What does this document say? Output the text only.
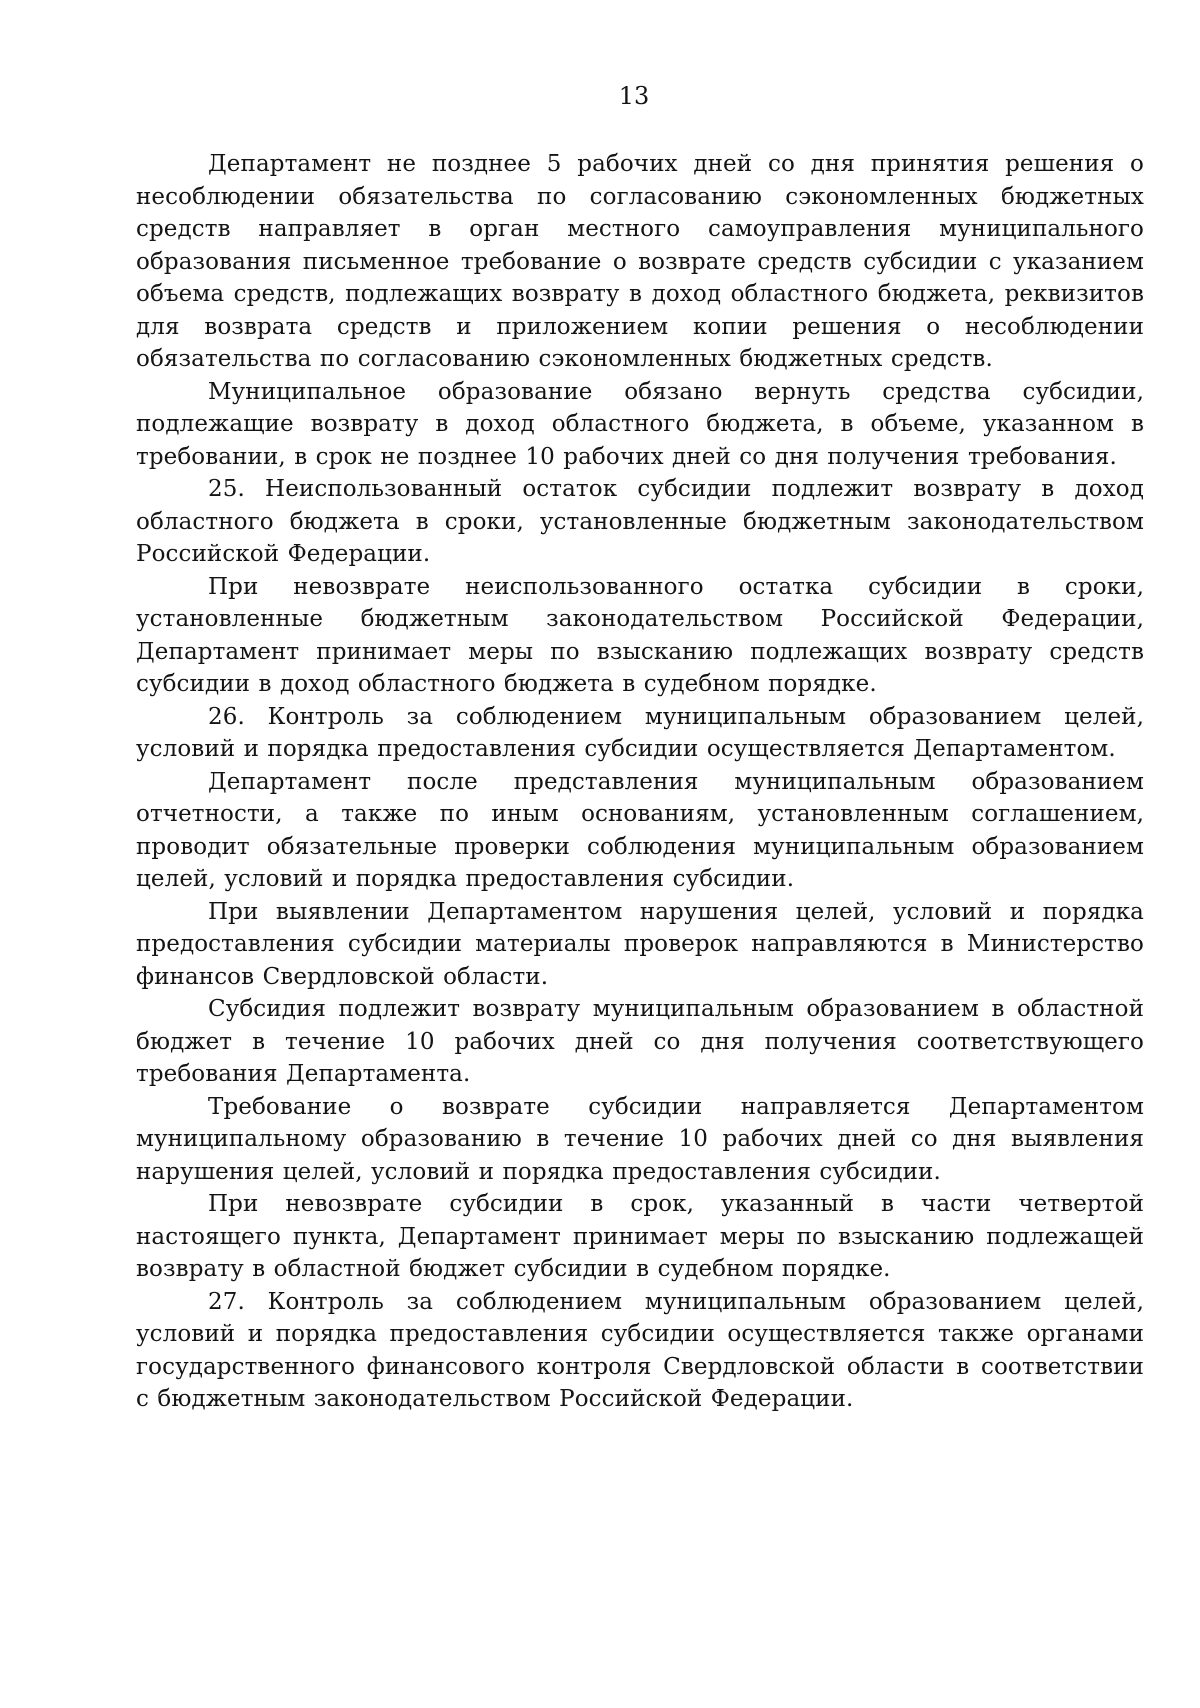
13

Департамент не позднее 5 рабочих дней со дня принятия решения о несоблюдении обязательства по согласованию сэкономленных бюджетных средств направляет в орган местного самоуправления муниципального образования письменное требование о возврате средств субсидии с указанием объема средств, подлежащих возврату в доход областного бюджета, реквизитов для возврата средств и приложением копии решения о несоблюдении обязательства по согласованию сэкономленных бюджетных средств.

Муниципальное образование обязано вернуть средства субсидии, подлежащие возврату в доход областного бюджета, в объеме, указанном в требовании, в срок не позднее 10 рабочих дней со дня получения требования.

25. Неиспользованный остаток субсидии подлежит возврату в доход областного бюджета в сроки, установленные бюджетным законодательством Российской Федерации.

При невозврате неиспользованного остатка субсидии в сроки, установленные бюджетным законодательством Российской Федерации, Департамент принимает меры по взысканию подлежащих возврату средств субсидии в доход областного бюджета в судебном порядке.

26. Контроль за соблюдением муниципальным образованием целей, условий и порядка предоставления субсидии осуществляется Департаментом.

Департамент после представления муниципальным образованием отчетности, а также по иным основаниям, установленным соглашением, проводит обязательные проверки соблюдения муниципальным образованием целей, условий и порядка предоставления субсидии.

При выявлении Департаментом нарушения целей, условий и порядка предоставления субсидии материалы проверок направляются в Министерство финансов Свердловской области.

Субсидия подлежит возврату муниципальным образованием в областной бюджет в течение 10 рабочих дней со дня получения соответствующего требования Департамента.

Требование о возврате субсидии направляется Департаментом муниципальному образованию в течение 10 рабочих дней со дня выявления нарушения целей, условий и порядка предоставления субсидии.

При невозврате субсидии в срок, указанный в части четвертой настоящего пункта, Департамент принимает меры по взысканию подлежащей возврату в областной бюджет субсидии в судебном порядке.

27. Контроль за соблюдением муниципальным образованием целей, условий и порядка предоставления субсидии осуществляется также органами государственного финансового контроля Свердловской области в соответствии с бюджетным законодательством Российской Федерации.
